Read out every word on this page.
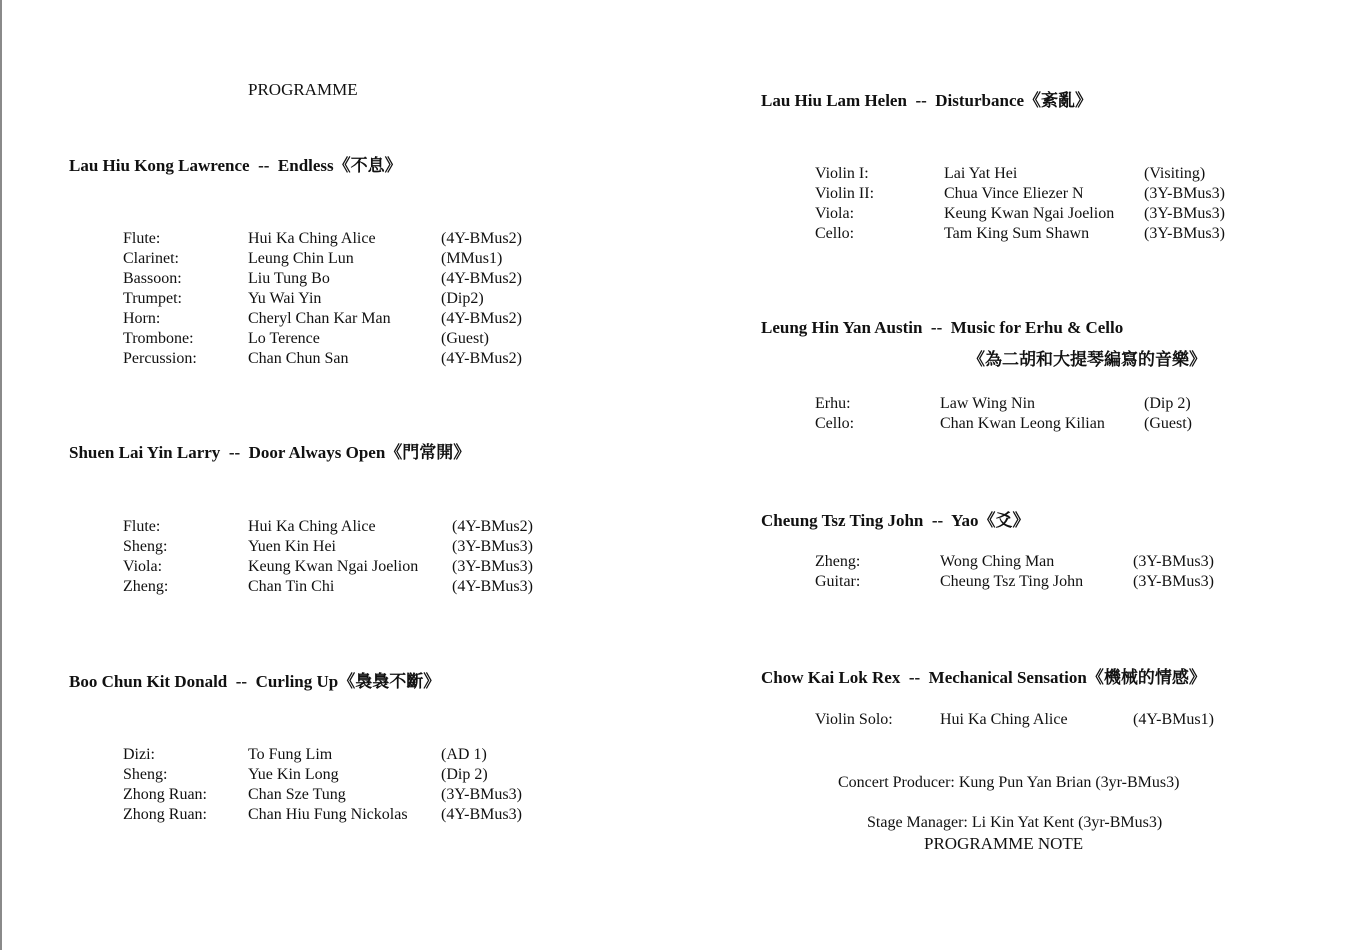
PROGRAMME
Lau Hiu Kong Lawrence -- Endless《不息》
Flute:	Hui Ka Ching Alice	(4Y-BMus2)
Clarinet:	Leung Chin Lun	(MMus1)
Bassoon:	Liu Tung Bo	(4Y-BMus2)
Trumpet:	Yu Wai Yin	(Dip2)
Horn:	Cheryl Chan Kar Man	(4Y-BMus2)
Trombone:	Lo Terence	(Guest)
Percussion:	Chan Chun San	(4Y-BMus2)
Shuen Lai Yin Larry -- Door Always Open《門常開》
Flute:	Hui Ka Ching Alice	(4Y-BMus2)
Sheng:	Yuen Kin Hei	(3Y-BMus3)
Viola:	Keung Kwan Ngai Joelion (3Y-BMus3)
Zheng:	Chan Tin Chi	(4Y-BMus3)
Boo Chun Kit Donald -- Curling Up《裊裊不斷》
Dizi:	To Fung Lim	(AD 1)
Sheng:	Yue Kin Long	(Dip 2)
Zhong Ruan:	Chan Sze Tung	(3Y-BMus3)
Zhong Ruan:	Chan Hiu Fung Nickolas (4Y-BMus3)
Lau Hiu Lam Helen -- Disturbance《紊亂》
Violin I:	Lai Yat Hei	(Visiting)
Violin II:	Chua Vince Eliezer N	(3Y-BMus3)
Viola:	Keung Kwan Ngai Joelion (3Y-BMus3)
Cello:	Tam King Sum Shawn	(3Y-BMus3)
Leung Hin Yan Austin -- Music for Erhu & Cello
《為二胡和大提琴編寫的音樂》
Erhu:	Law Wing Nin	(Dip 2)
Cello:	Chan Kwan Leong Kilian (Guest)
Cheung Tsz Ting John -- Yao《爻》
Zheng:	Wong Ching Man	(3Y-BMus3)
Guitar:	Cheung Tsz Ting John	(3Y-BMus3)
Chow Kai Lok Rex -- Mechanical Sensation《機械的情感》
Violin Solo:	Hui Ka Ching Alice	(4Y-BMus1)
Concert Producer: Kung Pun Yan Brian (3yr-BMus3)
Stage Manager: Li Kin Yat Kent (3yr-BMus3)
PROGRAMME NOTE
